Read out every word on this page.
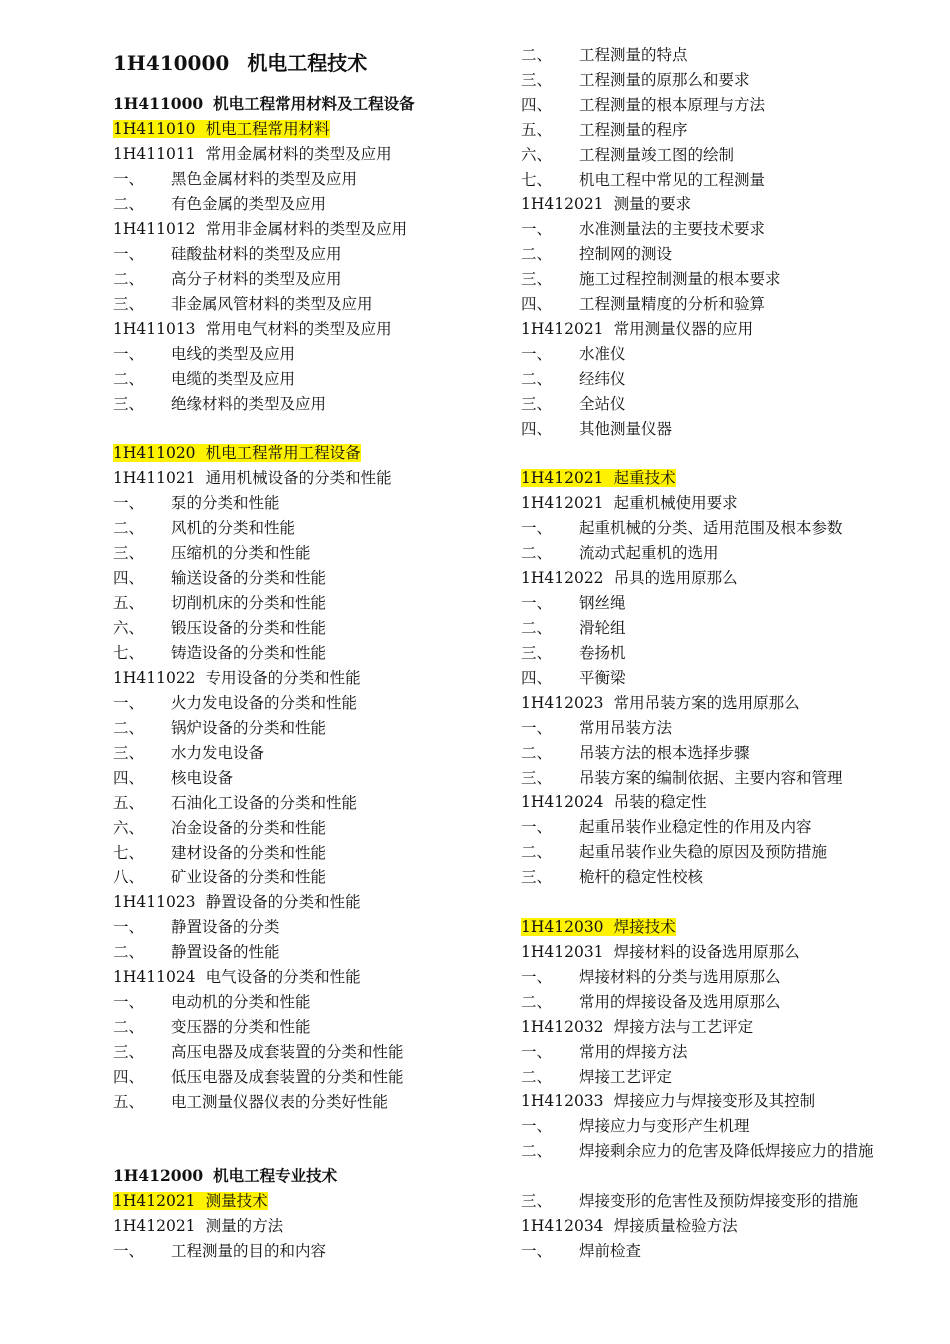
1H410000 机电工程技术
1H411000 机电工程常用材料及工程设备
1H411010 机电工程常用材料
1H411011 常用金属材料的类型及应用
一、 黑色金属材料的类型及应用
二、 有色金属的类型及应用
1H411012 常用非金属材料的类型及应用
一、 硅酸盐材料的类型及应用
二、 高分子材料的类型及应用
三、 非金属风管材料的类型及应用
1H411013 常用电气材料的类型及应用
一、 电线的类型及应用
二、 电缆的类型及应用
三、 绝缘材料的类型及应用
1H411020 机电工程常用工程设备
1H411021 通用机械设备的分类和性能
一、 泵的分类和性能
二、 风机的分类和性能
三、 压缩机的分类和性能
四、 输送设备的分类和性能
五、 切削机床的分类和性能
六、 锻压设备的分类和性能
七、 铸造设备的分类和性能
1H411022 专用设备的分类和性能
一、 火力发电设备的分类和性能
二、 锅炉设备的分类和性能
三、 水力发电设备
四、 核电设备
五、 石油化工设备的分类和性能
六、 冶金设备的分类和性能
七、 建材设备的分类和性能
八、 矿业设备的分类和性能
1H411023 静置设备的分类和性能
一、 静置设备的分类
二、 静置设备的性能
1H411024 电气设备的分类和性能
一、 电动机的分类和性能
二、 变压器的分类和性能
三、 高压电器及成套装置的分类和性能
四、 低压电器及成套装置的分类和性能
五、 电工测量仪器仪表的分类好性能
1H412000 机电工程专业技术
1H412021 测量技术
1H412021 测量的方法
一、 工程测量的目的和内容
二、 工程测量的特点
三、 工程测量的原那么和要求
四、 工程测量的根本原理与方法
五、 工程测量的程序
六、 工程测量竣工图的绘制
七、 机电工程中常见的工程测量
1H412021 测量的要求
一、 水准测量法的主要技术要求
二、 控制网的测设
三、 施工过程控制测量的根本要求
四、 工程测量精度的分析和验算
1H412021 常用测量仪器的应用
一、 水准仪
二、 经纬仪
三、 全站仪
四、 其他测量仪器
1H412021 起重技术
1H412021 起重机械使用要求
一、 起重机械的分类、适用范围及根本参数
二、 流动式起重机的选用
1H412022 吊具的选用原那么
一、 钢丝绳
二、 滑轮组
三、 卷扬机
四、 平衡梁
1H412023 常用吊装方案的选用原那么
一、 常用吊装方法
二、 吊装方法的根本选择步骤
三、 吊装方案的编制依据、主要内容和管理
1H412024 吊装的稳定性
一、 起重吊装作业稳定性的作用及内容
二、 起重吊装作业失稳的原因及预防措施
三、 桅杆的稳定性校核
1H412030 焊接技术
1H412031 焊接材料的设备选用原那么
一、 焊接材料的分类与选用原那么
二、 常用的焊接设备及选用原那么
1H412032 焊接方法与工艺评定
一、 常用的焊接方法
二、 焊接工艺评定
1H412033 焊接应力与焊接变形及其控制
一、 焊接应力与变形产生机理
二、	焊接剩余应力的危害及降低焊接应力的措施
三、 焊接变形的危害性及预防焊接变形的措施
1H412034 焊接质量检验方法
一、 焊前检查
